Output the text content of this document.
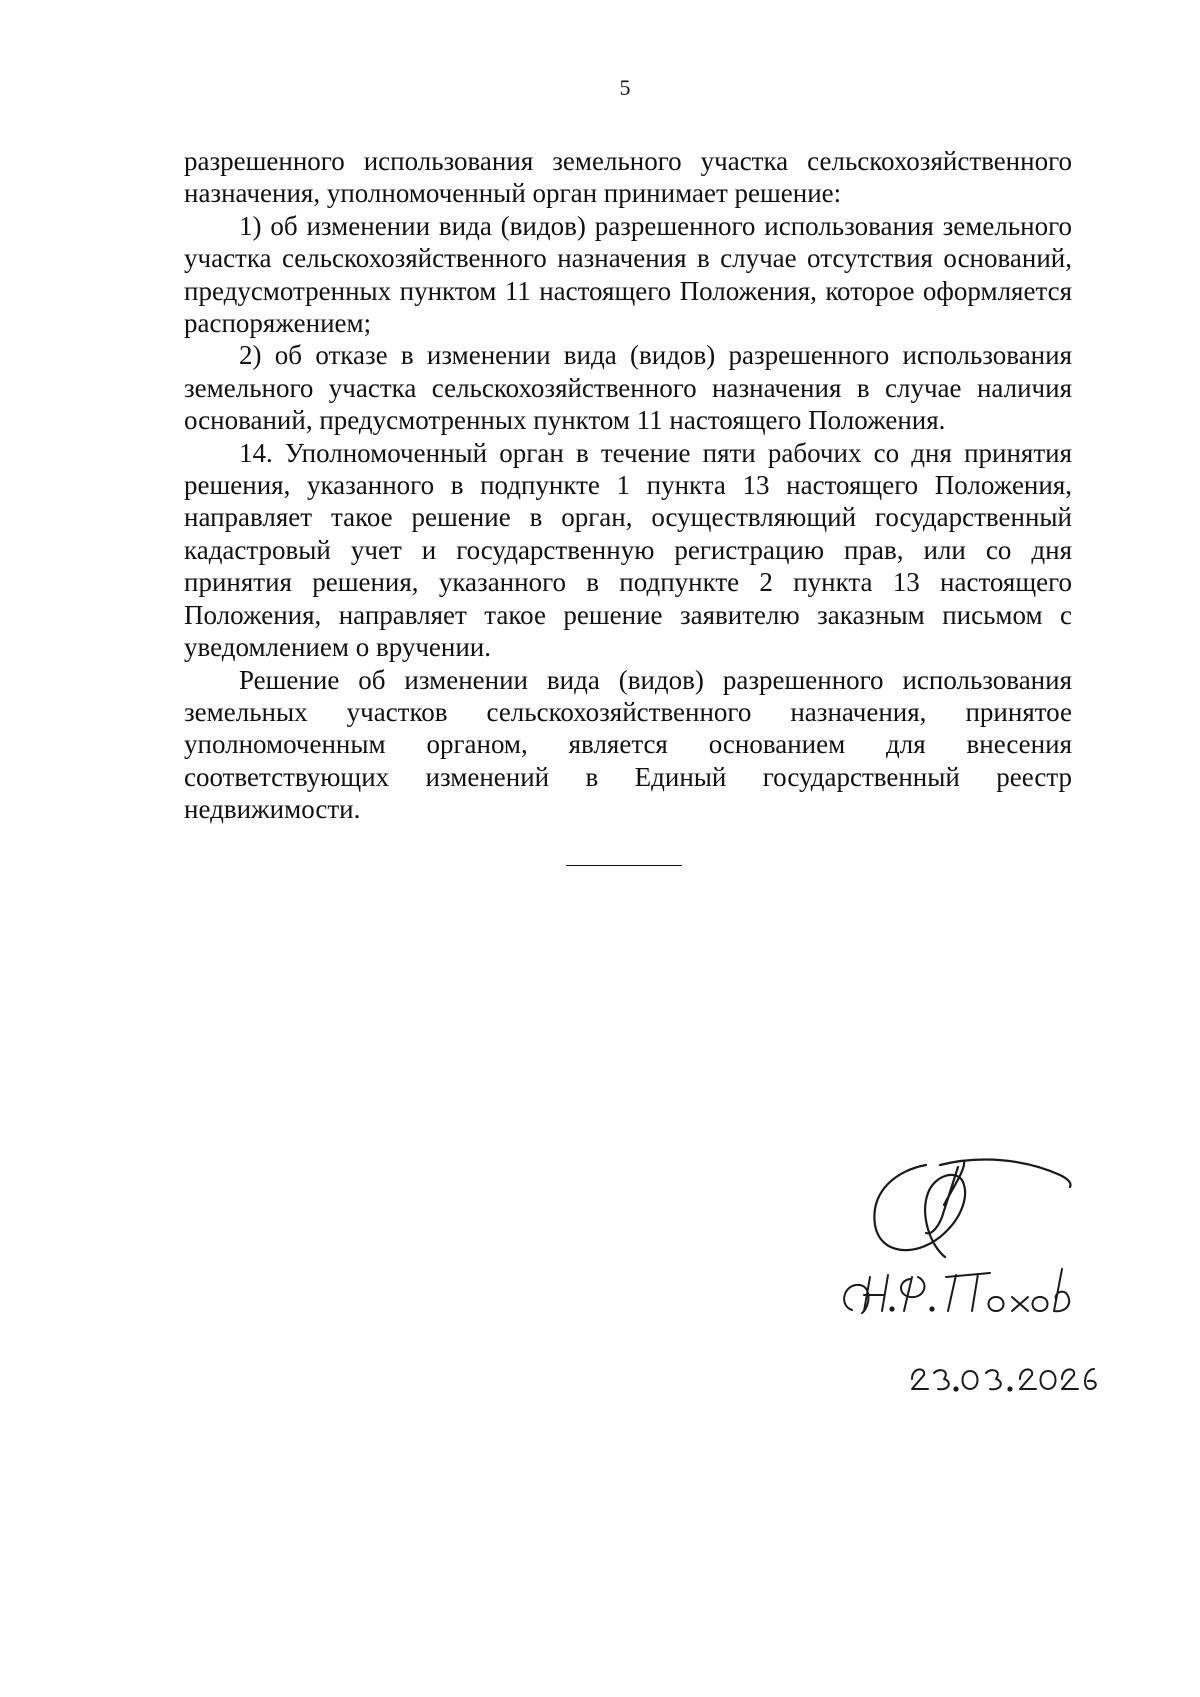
5

разрешенного использования земельного участка сельскохозяйственного назначения, уполномоченный орган принимает решение:

1) об изменении вида (видов) разрешенного использования земельного участка сельскохозяйственного назначения в случае отсутствия оснований, предусмотренных пунктом 11 настоящего Положения, которое оформляется распоряжением;

2) об отказе в изменении вида (видов) разрешенного использования земельного участка сельскохозяйственного назначения в случае наличия оснований, предусмотренных пунктом 11 настоящего Положения.

14. Уполномоченный орган в течение пяти рабочих со дня принятия решения, указанного в подпункте 1 пункта 13 настоящего Положения, направляет такое решение в орган, осуществляющий государственный кадастровый учет и государственную регистрацию прав, или со дня принятия решения, указанного в подпункте 2 пункта 13 настоящего Положения, направляет такое решение заявителю заказным письмом с уведомлением о вручении.

Решение об изменении вида (видов) разрешенного использования земельных участков сельскохозяйственного назначения, принятое уполномоченным органом, является основанием для внесения соответствующих изменений в Единый государственный реестр недвижимости.
